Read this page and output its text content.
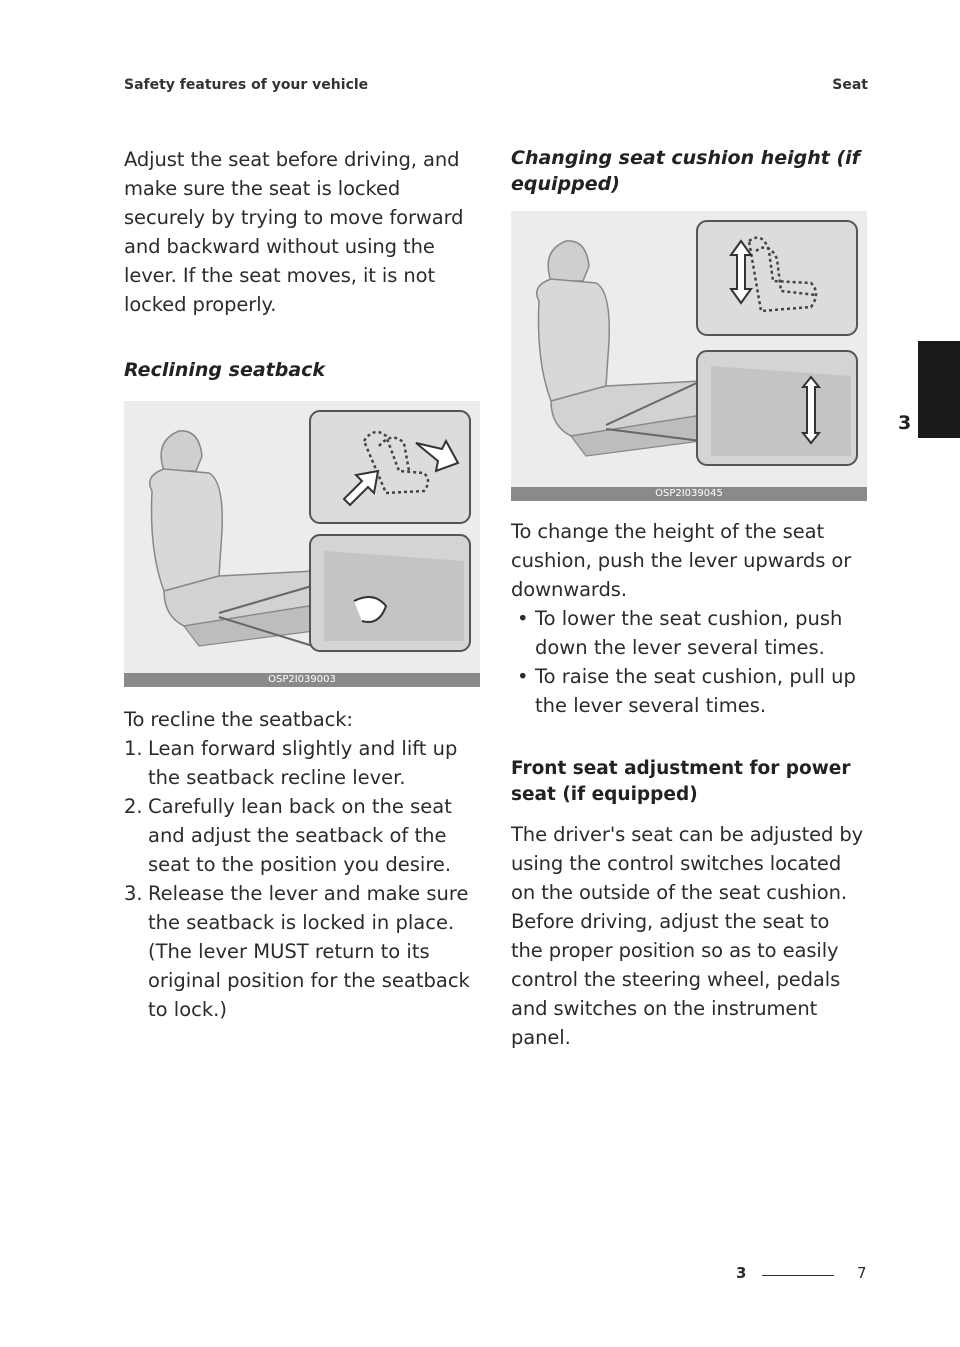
Safety features of your vehicle	Seat

Adjust the seat before driving, and make sure the seat is locked securely by trying to move forward and backward without using the lever. If the seat moves, it is not locked properly.

Reclining seatback

OSP2I039003

To recline the seatback:

1. Lean forward slightly and lift up the seatback recline lever.
2. Carefully lean back on the seat and adjust the seatback of the seat to the position you desire.
3. Release the lever and make sure the seatback is locked in place. (The lever MUST return to its original position for the seatback to lock.)

Changing seat cushion height (if equipped)

OSP2I039045

To change the height of the seat cushion, push the lever upwards or downwards.

• To lower the seat cushion, push down the lever several times.
• To raise the seat cushion, pull up the lever several times.

Front seat adjustment for power seat (if equipped)

The driver's seat can be adjusted by using the control switches located on the outside of the seat cushion. Before driving, adjust the seat to the proper position so as to easily control the steering wheel, pedals and switches on the instrument panel.

3
3	7
